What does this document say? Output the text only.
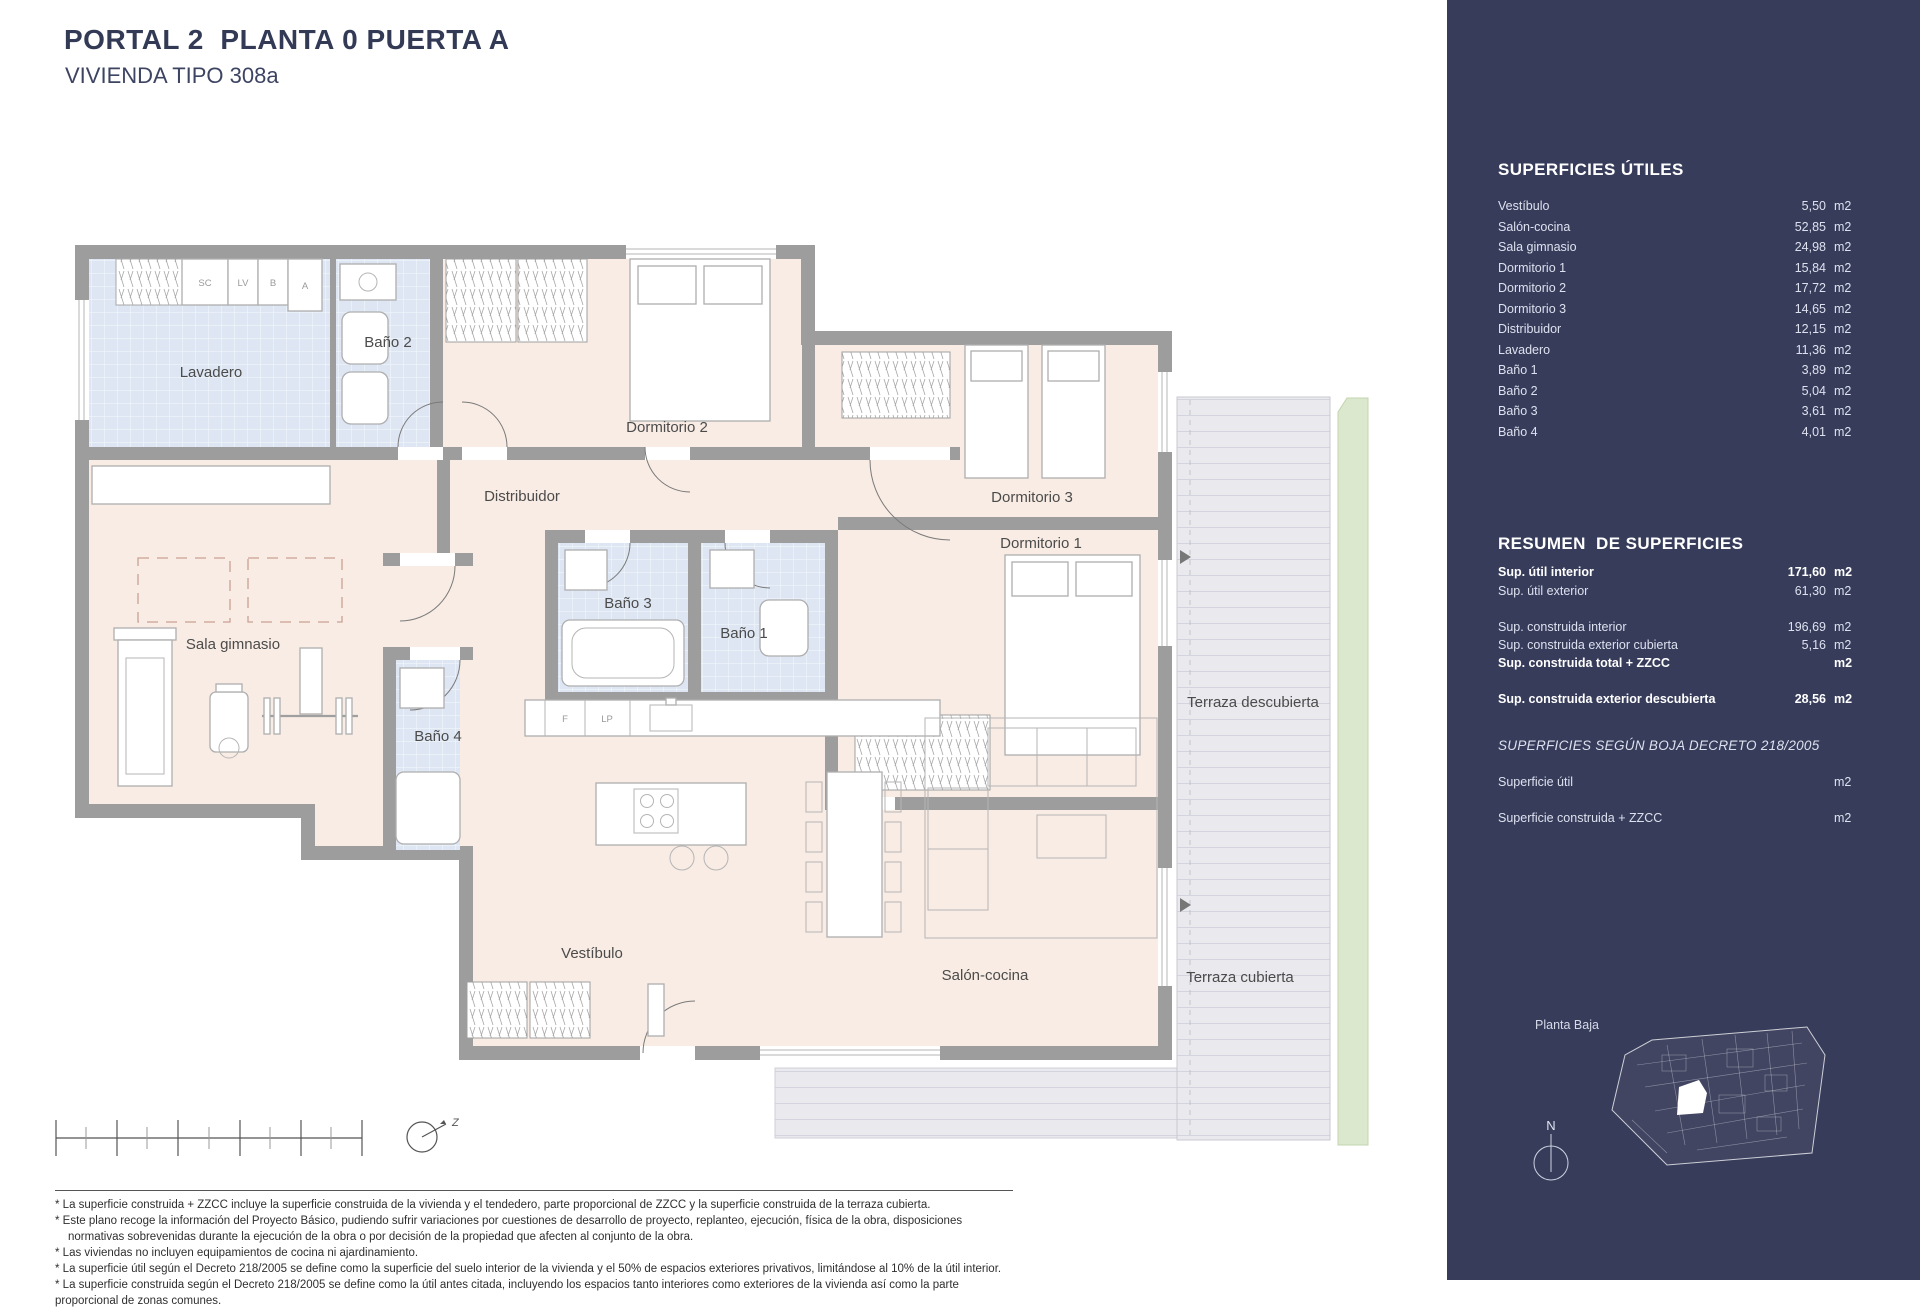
PORTAL 2  PLANTA 0 PUERTA A
VIVIENDA TIPO 308a
SC	LV B	A
F	LP
Lavadero
Baño 2
Dormitorio 2
Distribuidor	Dormitorio 3
Dormitorio 1
Baño 3
Baño 1
Sala gimnasio
Baño 4
Vestíbulo
Salón-cocina
Terraza descubierta
Terraza cubierta
Z
SUPERFICIES ÚTILES
Vestíbulo	5,50 m2
Salón-cocina	52,85 m2
Sala gimnasio	24,98 m2
Dormitorio 1	15,84 m2
Dormitorio 2	17,72 m2
Dormitorio 3	14,65 m2
Distribuidor	12,15 m2
Lavadero	11,36 m2
Baño 1	3,89 m2
Baño 2	5,04 m2
Baño 3	3,61 m2
Baño 4	4,01 m2
RESUMEN  DE SUPERFICIES
Sup. útil interior	171,60 m2
Sup. útil exterior	61,30 m2
Sup. construida interior	196,69 m2
Sup. construida exterior cubierta	5,16 m2
Sup. construida total + ZZCC	m2
Sup. construida exterior descubierta	28,56 m2
SUPERFICIES SEGÚN BOJA DECRETO 218/2005
Superficie útil	m2
Superficie construida + ZZCC	m2
Planta Baja
N
* La superficie construida + ZZCC incluye la superficie construida de la vivienda y el tendedero, parte proporcional de ZZCC y la superficie construida de la terraza cubierta.
* Este plano recoge la información del Proyecto Básico, pudiendo sufrir variaciones por cuestiones de desarrollo de proyecto, replanteo, ejecución, física de la obra, disposiciones
normativas sobrevenidas durante la ejecución de la obra o por decisión de la propiedad que afecten al conjunto de la obra.
* Las viviendas no incluyen equipamientos de cocina ni ajardinamiento.
* La superficie útil según el Decreto 218/2005 se define como la superficie del suelo interior de la vivienda y el 50% de espacios exteriores privativos, limitándose al 10% de la útil interior.
* La superficie construida según el Decreto 218/2005 se define como la útil antes citada, incluyendo los espacios tanto interiores como exteriores de la vivienda así como la parte proporcional de zonas comunes.
